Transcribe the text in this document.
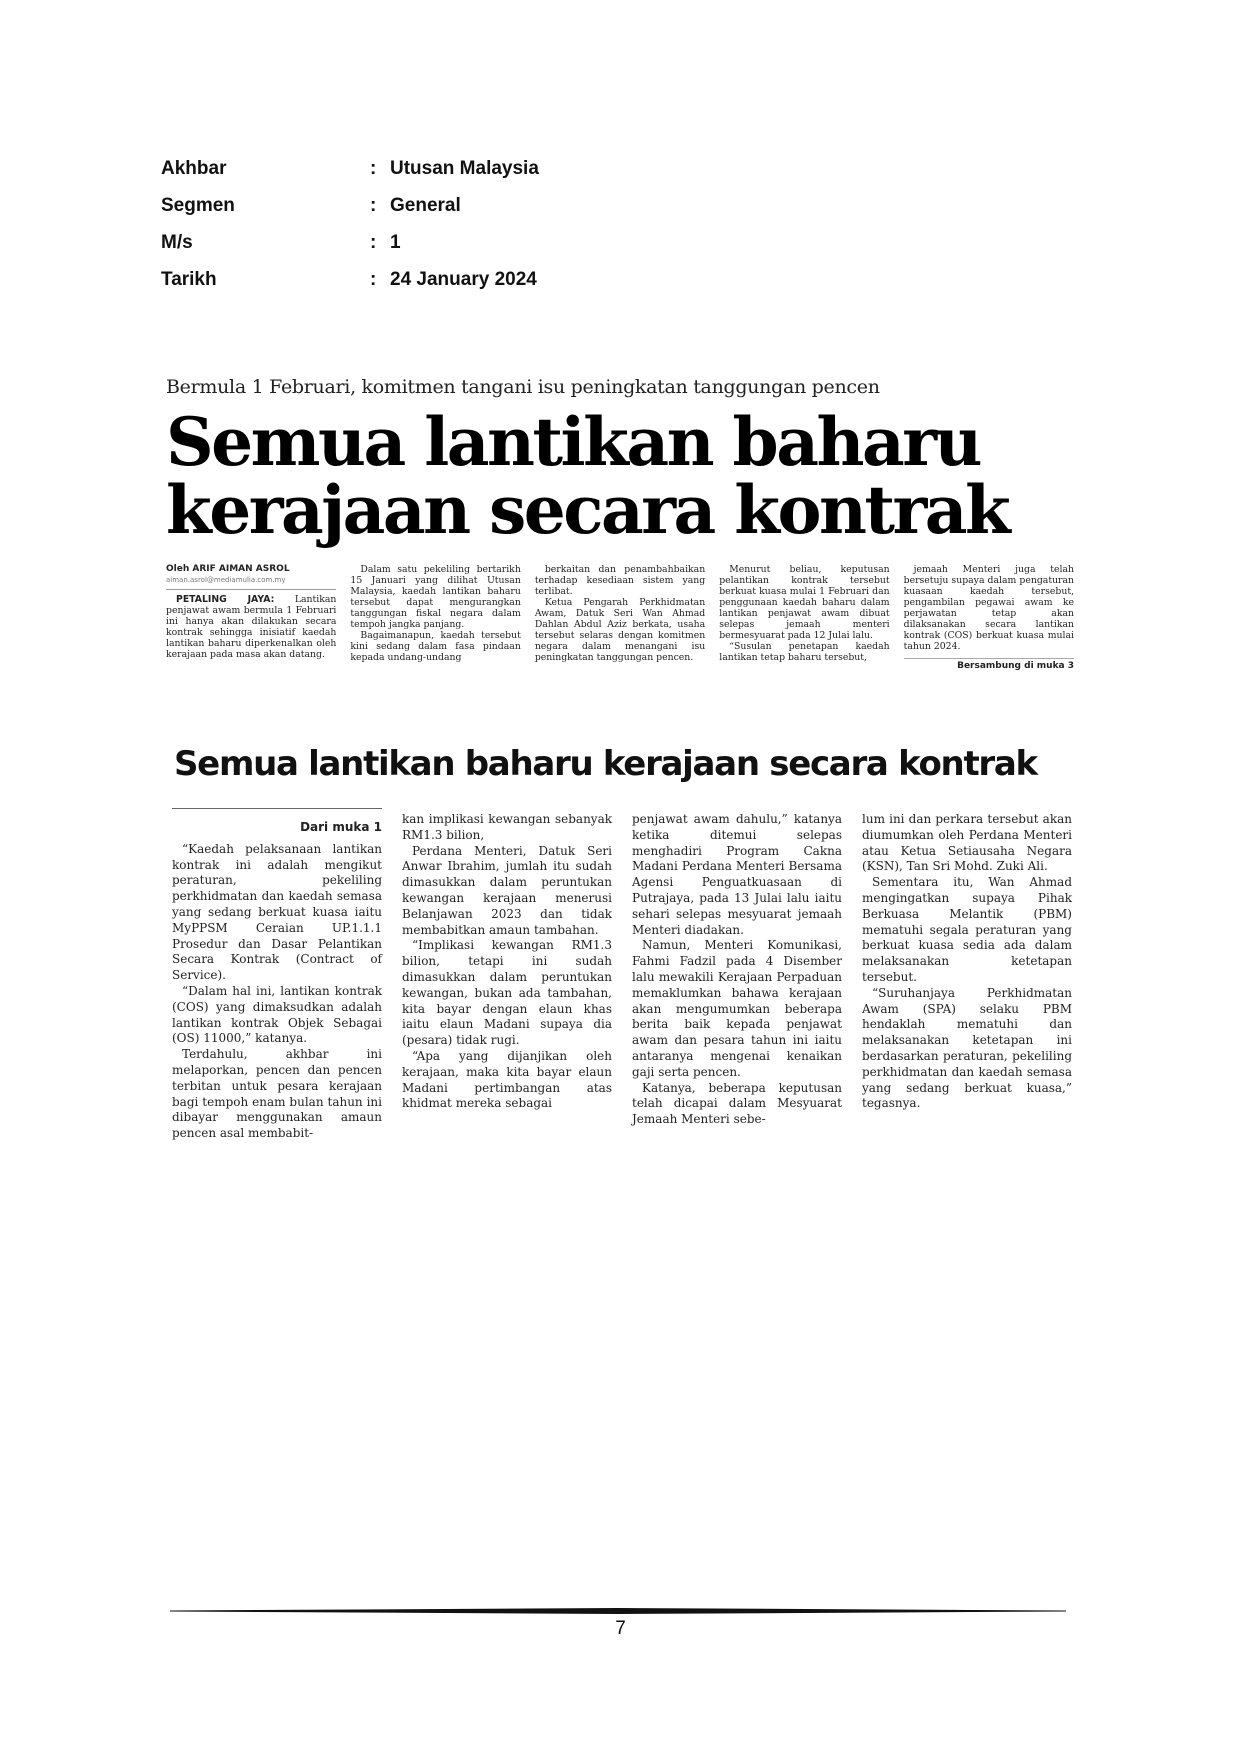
Akhbar	: Utusan Malaysia
Segmen	: General
M/s	: 1
Tarikh	: 24 January 2024
Bermula 1 Februari, komitmen tangani isu peningkatan tanggungan pencen
Semua lantikan baharu
kerajaan secara kontrak
Oleh ARIF AIMAN ASROL
aiman.asrol@mediamulia.com.my

PETALING JAYA: Lantikan penjawat awam bermula 1 Februari ini hanya akan dilakukan secara kontrak sehingga inisiatif kaedah lantikan baharu diperkenalkan oleh kerajaan pada masa akan datang.

Dalam satu pekeliling bertarikh 15 Januari yang dilihat Utusan Malaysia, kaedah lantikan baharu tersebut dapat mengurangkan tanggungan fiskal negara dalam tempoh jangka panjang.

Bagaimanapun, kaedah tersebut kini sedang dalam fasa pindaan kepada undang-undang

berkaitan dan penambahbaikan terhadap kesediaan sistem yang terlibat.

Ketua Pengarah Perkhidmatan Awam, Datuk Seri Wan Ahmad Dahlan Abdul Aziz berkata, usaha tersebut selaras dengan komitmen negara dalam menangani isu peningkatan tanggungan pencen.

Menurut beliau, keputusan pelantikan kontrak tersebut berkuat kuasa mulai 1 Februari dan penggunaan kaedah baharu dalam lantikan penjawat awam dibuat selepas jemaah menteri bermesyuarat pada 12 Julai lalu.

“Susulan penetapan kaedah lantikan tetap baharu tersebut,

jemaah Menteri juga telah bersetuju supaya dalam pengaturan kuasaan kaedah tersebut, pengambilan pegawai awam ke perjawatan tetap akan dilaksanakan secara lantikan kontrak (COS) berkuat kuasa mulai tahun 2024.

Bersambung di muka 3
Semua lantikan baharu kerajaan secara kontrak
Dari muka 1

“Kaedah pelaksanaan lantikan kontrak ini adalah mengikut peraturan, pekeliling perkhidmatan dan kaedah semasa yang sedang berkuat kuasa iaitu MyPPSM Ceraian UP.1.1.1 Prosedur dan Dasar Pelantikan Secara Kontrak (Contract of Service).

“Dalam hal ini, lantikan kontrak (COS) yang dimaksudkan adalah lantikan kontrak Objek Sebagai (OS) 11000,” katanya.

Terdahulu, akhbar ini melaporkan, pencen dan pencen terbitan untuk pesara kerajaan bagi tempoh enam bulan tahun ini dibayar menggunakan amaun pencen asal membabit-

kan implikasi kewangan sebanyak RM1.3 bilion,

Perdana Menteri, Datuk Seri Anwar Ibrahim, jumlah itu sudah dimasukkan dalam peruntukan kewangan kerajaan menerusi Belanjawan 2023 dan tidak membabitkan amaun tambahan.

“Implikasi kewangan RM1.3 bilion, tetapi ini sudah dimasukkan dalam peruntukan kewangan, bukan ada tambahan, kita bayar dengan elaun khas iaitu elaun Madani supaya dia (pesara) tidak rugi.

“Apa yang dijanjikan oleh kerajaan, maka kita bayar elaun Madani pertimbangan atas khidmat mereka sebagai

penjawat awam dahulu,” katanya ketika ditemui selepas menghadiri Program Cakna Madani Perdana Menteri Bersama Agensi Penguatkuasaan di Putrajaya, pada 13 Julai lalu iaitu sehari selepas mesyuarat jemaah Menteri diadakan.

Namun, Menteri Komunikasi, Fahmi Fadzil pada 4 Disember lalu mewakili Kerajaan Perpaduan memaklumkan bahawa kerajaan akan mengumumkan beberapa berita baik kepada penjawat awam dan pesara tahun ini iaitu antaranya mengenai kenaikan gaji serta pencen.

Katanya, beberapa keputusan telah dicapai dalam Mesyuarat Jemaah Menteri sebe-

lum ini dan perkara tersebut akan diumumkan oleh Perdana Menteri atau Ketua Setiausaha Negara (KSN), Tan Sri Mohd. Zuki Ali.

Sementara itu, Wan Ahmad mengingatkan supaya Pihak Berkuasa Melantik (PBM) mematuhi segala peraturan yang berkuat kuasa sedia ada dalam melaksanakan ketetapan tersebut.

“Suruhanjaya Perkhidmatan Awam (SPA) selaku PBM hendaklah mematuhi dan melaksanakan ketetapan ini berdasarkan peraturan, pekeliling perkhidmatan dan kaedah semasa yang sedang berkuat kuasa,” tegasnya.

7
